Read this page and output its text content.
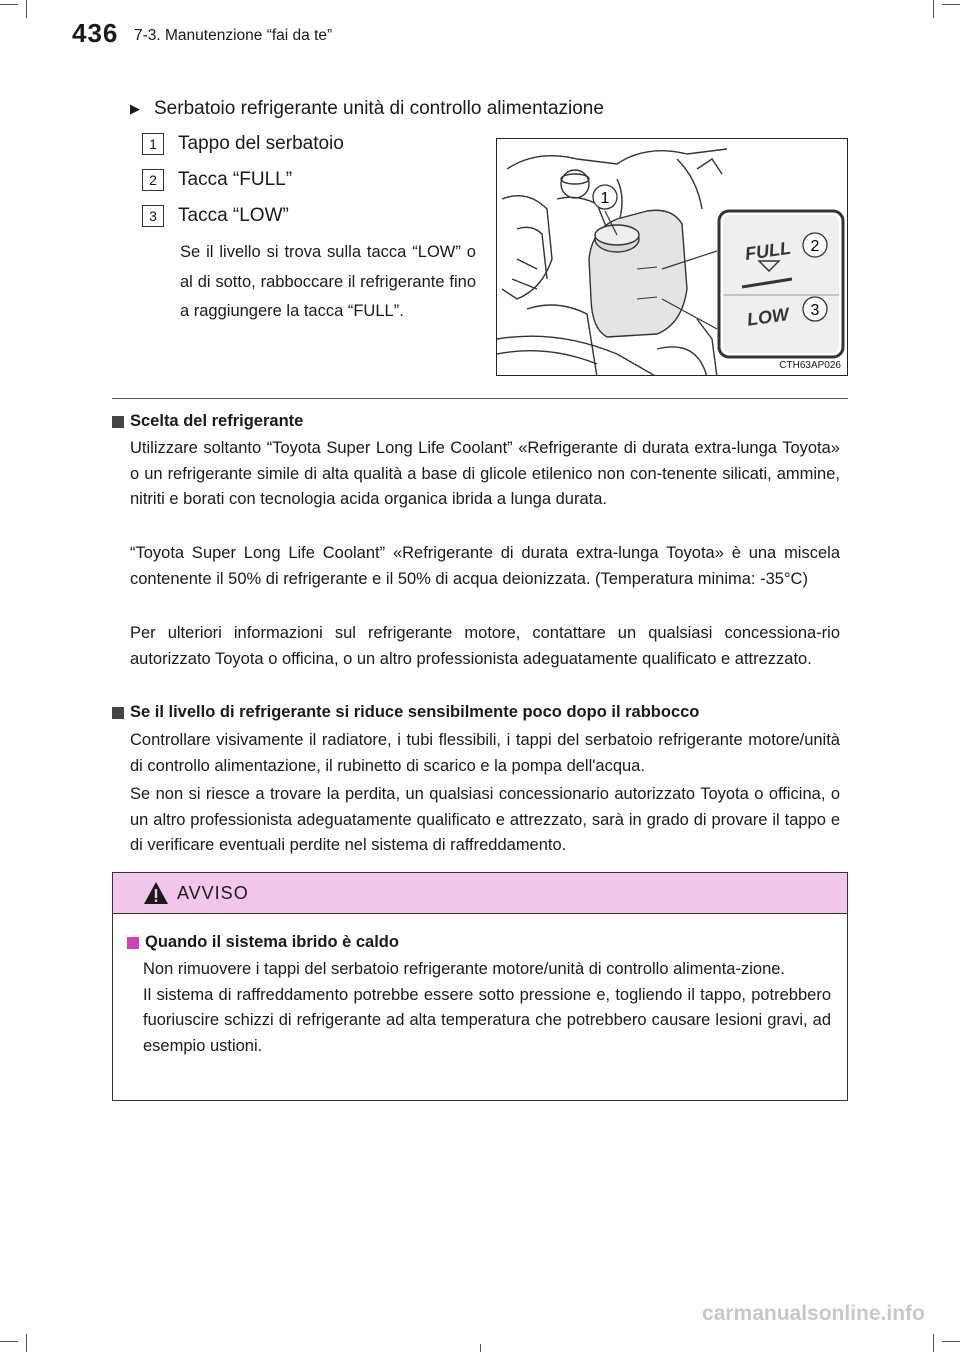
436 7-3. Manutenzione “fai da te”
▶ Serbatoio refrigerante unità di controllo alimentazione
1	Tappo del serbatoio
2	Tacca “FULL”
3	Tacca “LOW”
Se il livello si trova sulla tacca “LOW” o al di sotto, rabboccare il refrigerante fino a raggiungere la tacca “FULL”.
1
2
3
FULL
LOW
CTH63AP026
Scelta del refrigerante
Utilizzare soltanto “Toyota Super Long Life Coolant” «Refrigerante di durata extra-lunga Toyota» o un refrigerante simile di alta qualità a base di glicole etilenico non con-tenente silicati, ammine, nitriti e borati con tecnologia acida organica ibrida a lunga durata.
“Toyota Super Long Life Coolant” «Refrigerante di durata extra-lunga Toyota» è una miscela contenente il 50% di refrigerante e il 50% di acqua deionizzata. (Temperatura minima: -35°C)
Per ulteriori informazioni sul refrigerante motore, contattare un qualsiasi concessiona-rio autorizzato Toyota o officina, o un altro professionista adeguatamente qualificato e attrezzato.
Se il livello di refrigerante si riduce sensibilmente poco dopo il rabbocco
Controllare visivamente il radiatore, i tubi flessibili, i tappi del serbatoio refrigerante motore/unità di controllo alimentazione, il rubinetto di scarico e la pompa dell'acqua.
Se non si riesce a trovare la perdita, un qualsiasi concessionario autorizzato Toyota o officina, o un altro professionista adeguatamente qualificato e attrezzato, sarà in grado di provare il tappo e di verificare eventuali perdite nel sistema di raffreddamento.
AVVISO
Quando il sistema ibrido è caldo

Non rimuovere i tappi del serbatoio refrigerante motore/unità di controllo alimenta-zione.

Il sistema di raffreddamento potrebbe essere sotto pressione e, togliendo il tappo, potrebbero fuoriuscire schizzi di refrigerante ad alta temperatura che potrebbero causare lesioni gravi, ad esempio ustioni.

carmanualsonline.info
